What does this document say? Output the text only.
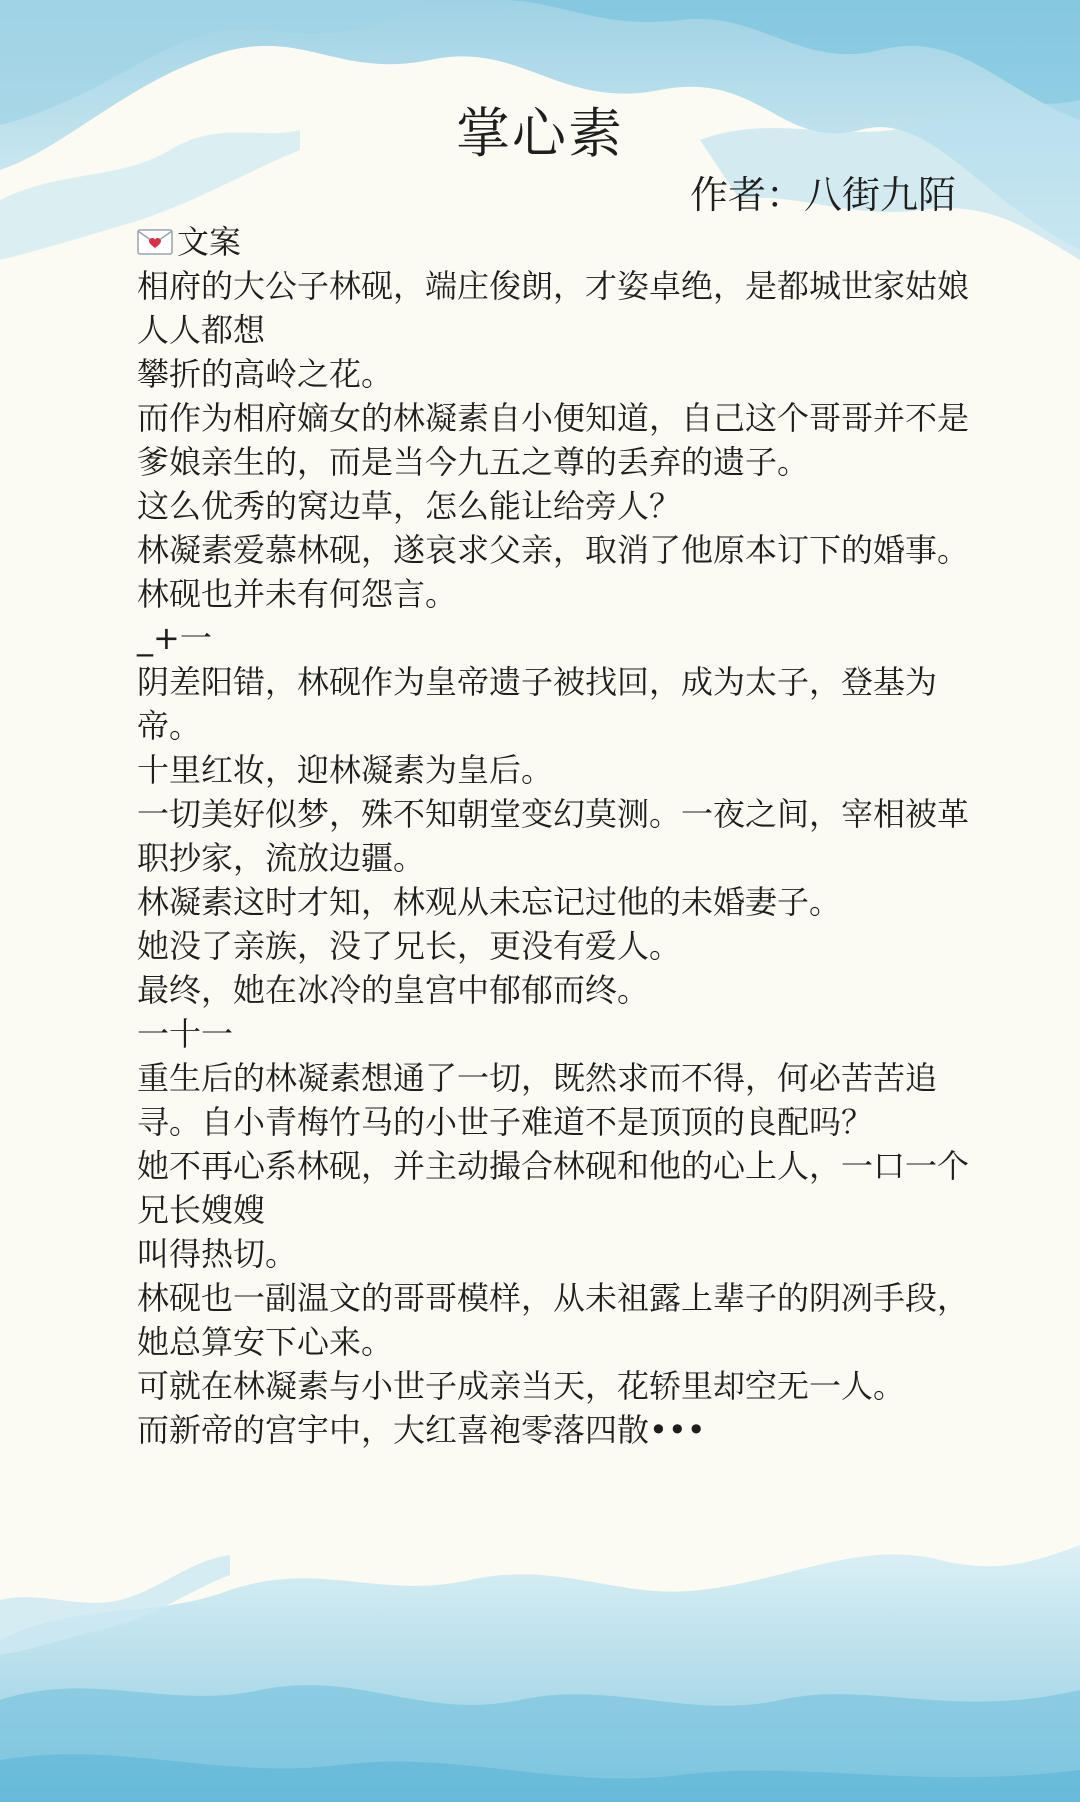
掌心素
作者：八街九陌
文案
相府的大公子林砚，端庄俊朗，才姿卓绝，是都城世家姑娘
人人都想
攀折的高岭之花。
而作为相府嫡女的林凝素自小便知道，自己这个哥哥并不是
爹娘亲生的，而是当今九五之尊的丢弃的遗子。
这么优秀的窝边草，怎么能让给旁人？
林凝素爱慕林砚，遂哀求父亲，取消了他原本订下的婚事。
林砚也并未有何怨言。
_+一
阴差阳错，林砚作为皇帝遗子被找回，成为太子，登基为
帝。
十里红妆，迎林凝素为皇后。
一切美好似梦，殊不知朝堂变幻莫测。一夜之间，宰相被革
职抄家，流放边疆。
林凝素这时才知，林观从未忘记过他的未婚妻子。
她没了亲族，没了兄长，更没有爱人。
最终，她在冰冷的皇宫中郁郁而终。
一十一
重生后的林凝素想通了一切，既然求而不得，何必苦苦追
寻。自小青梅竹马的小世子难道不是顶顶的良配吗？
她不再心系林砚，并主动撮合林砚和他的心上人，一口一个
兄长嫂嫂
叫得热切。
林砚也一副温文的哥哥模样，从未祖露上辈子的阴冽手段，
她总算安下心来。
可就在林凝素与小世子成亲当天，花轿里却空无一人。
而新帝的宫宇中，大红喜袍零落四散•••
